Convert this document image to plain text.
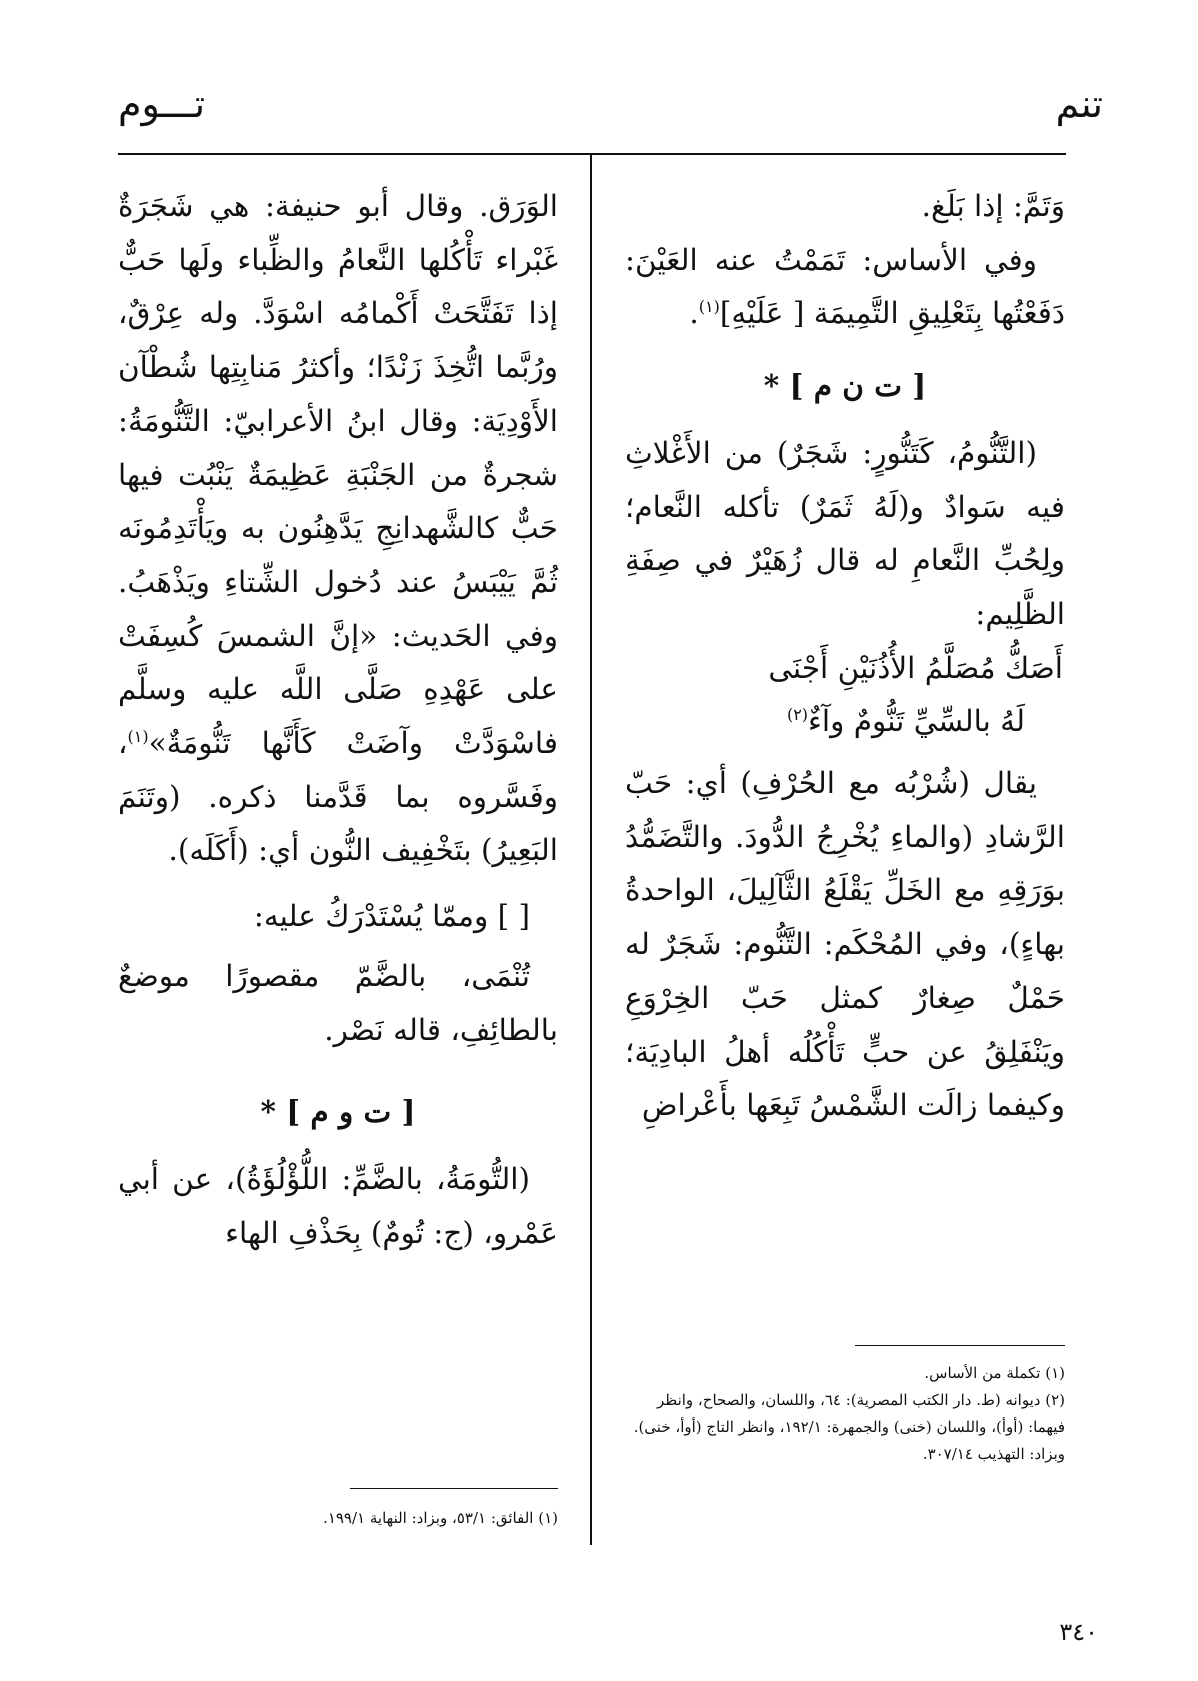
تنم
تـــوم

وَتَمَّ: إذا بَلَغ.

وفي الأساس: تَمَمْتُ عنه العَيْنَ: دَفَعْتُها بِتَعْلِيقِ التَّمِيمَة [ عَلَيْهِ]$^{(١)}$.

[ ت ن م ] *

(التَّنُّومُ، كَتَنُّورٍ: شَجَرٌ) من الأَغْلاثِ فيه سَوادٌ و(لَهُ ثَمَرٌ) تأكله النَّعام؛ ولِحُبِّ النَّعامِ له قال زُهَيْرٌ في صِفَةِ الظَّلِيم:

أَصَكُّ مُصَلَّمُ الأُذُنَيْنِ أَجْنَى

لَهُ بالسِّيِّ تَنُّومٌ وآءٌ$^{(٢)}$

يقال (شُرْبُه مع الحُرْفِ) أي: حَبّ الرَّشادِ (والماءِ يُخْرِجُ الدُّودَ. والتَّضَمُّدُ بوَرَقِهِ مع الخَلِّ يَقْلَعُ الثَّآلِيلَ، الواحدةُ بهاءٍ)، وفي المُحْكَم: التَّنُّوم: شَجَرٌ له حَمْلٌ صِغارٌ كمثل حَبّ الخِرْوَعِ ويَنْفَلِقُ عن حبٍّ تَأْكُلُه أهلُ البادِيَة؛ وكيفما زالَت الشَّمْسُ تَبِعَها بأَعْراضِ

(١) تكملة من الأساس.

(٢) ديوانه (ط. دار الكتب المصرية): ٦٤، واللسان، والصحاح، وانظر فيهما: (أوأ)، واللسان (خنى) والجمهرة: ١٩٢/١، وانظر التاج (أوأ، خنى). وبزاد: التهذيب ٣٠٧/١٤.

الوَرَق. وقال أبو حنيفة: هي شَجَرَةٌ غَبْراء تَأْكُلها النَّعامُ والظِّباء ولَها حَبٌّ إذا تَفَتَّحَتْ أَكْمامُه اسْوَدَّ. وله عِرْقٌ، ورُبَّما اتُّخِذَ زَنْدًا؛ وأكثرُ مَنابِتِها شُطْآن الأَوْدِيَة: وقال ابنُ الأعرابيّ: التَّنُّومَةُ: شجرةٌ من الجَنْبَةِ عَظِيمَةٌ يَنْبُت فيها حَبٌّ كالشَّهدانِجِ يَدَّهِنُون به ويَأْتَدِمُونَه ثُمَّ يَيْبَسُ عند دُخول الشِّتاءِ ويَذْهَبُ. وفي الحَديث: «إنَّ الشمسَ كُسِفَتْ على عَهْدِهِ صَلَّى اللَّه عليه وسلَّم فاسْوَدَّتْ وآضَتْ كَأَنَّها تَنُّومَةٌ»$^{(١)}$، وفَسَّروه بما قَدَّمنا ذكره. (وتَنَمَ البَعِيرُ) بتَخْفِيف النُّون أي: (أَكَلَه).

[ ] وممّا يُسْتَدْرَكُ عليه:

تُنْمَى، بالضَّمّ مقصورًا موضعٌ بالطائِفِ، قاله نَصْر.

[ ت و م ] *

(التُّومَةُ، بالضَّمِّ: اللُّؤْلُؤَةُ)، عن أبي عَمْرو، (ج: تُومٌ) بِحَذْفِ الهاء

(١) الفائق: ٥٣/١، وبزاد: النهاية ١٩٩/١.

٣٤٠
